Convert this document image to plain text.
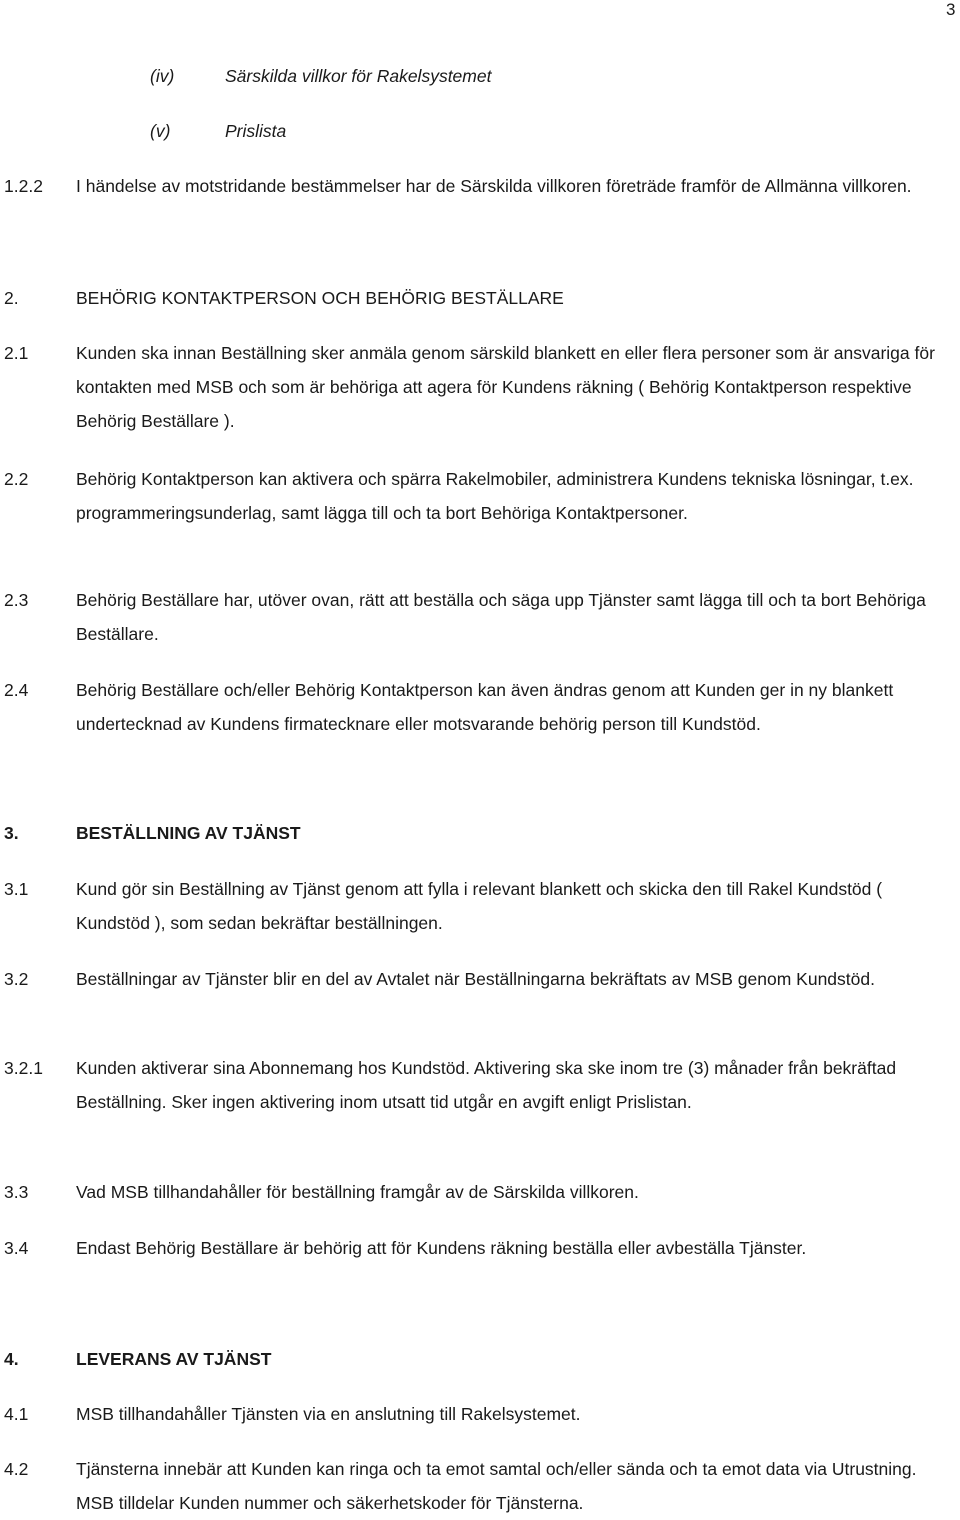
3
(iv)	Särskilda villkor för Rakelsystemet
(v)	Prislista
1.2.2 I händelse av motstridande bestämmelser har de Särskilda villkoren företräde framför de Allmänna villkoren.
2.	BEHÖRIG KONTAKTPERSON OCH BEHÖRIG BESTÄLLARE
2.1	Kunden ska innan Beställning sker anmäla genom särskild blankett en eller flera personer som är ansvariga för kontakten med MSB och som är behöriga att agera för Kundens räkning ( Behörig Kontaktperson respektive Behörig Beställare ).
2.2	Behörig Kontaktperson kan aktivera och spärra Rakelmobiler, administrera Kundens tekniska lösningar, t.ex. programmeringsunderlag, samt lägga till och ta bort Behöriga Kontaktpersoner.
2.3	Behörig Beställare har, utöver ovan, rätt att beställa och säga upp Tjänster samt lägga till och ta bort Behöriga Beställare.
2.4	Behörig Beställare och/eller Behörig Kontaktperson kan även ändras genom att Kunden ger in ny blankett undertecknad av Kundens firmatecknare eller motsvarande behörig person till Kundstöd.
3.	BESTÄLLNING AV TJÄNST
3.1	Kund gör sin Beställning av Tjänst genom att fylla i relevant blankett och skicka den till Rakel Kundstöd ( Kundstöd ), som sedan bekräftar beställningen.
3.2	Beställningar av Tjänster blir en del av Avtalet när Beställningarna bekräftats av MSB genom Kundstöd.
3.2.1 Kunden aktiverar sina Abonnemang hos Kundstöd. Aktivering ska ske inom tre (3) månader från bekräftad Beställning. Sker ingen aktivering inom utsatt tid utgår en avgift enligt Prislistan.
3.3	Vad MSB tillhandahåller för beställning framgår av de Särskilda villkoren.
3.4	Endast Behörig Beställare är behörig att för Kundens räkning beställa eller avbeställa Tjänster.
4.	LEVERANS AV TJÄNST
4.1	MSB tillhandahåller Tjänsten via en anslutning till Rakelsystemet.
4.2	Tjänsterna innebär att Kunden kan ringa och ta emot samtal och/eller sända och ta emot data via Utrustning. MSB tilldelar Kunden nummer och säkerhetskoder för Tjänsterna.
